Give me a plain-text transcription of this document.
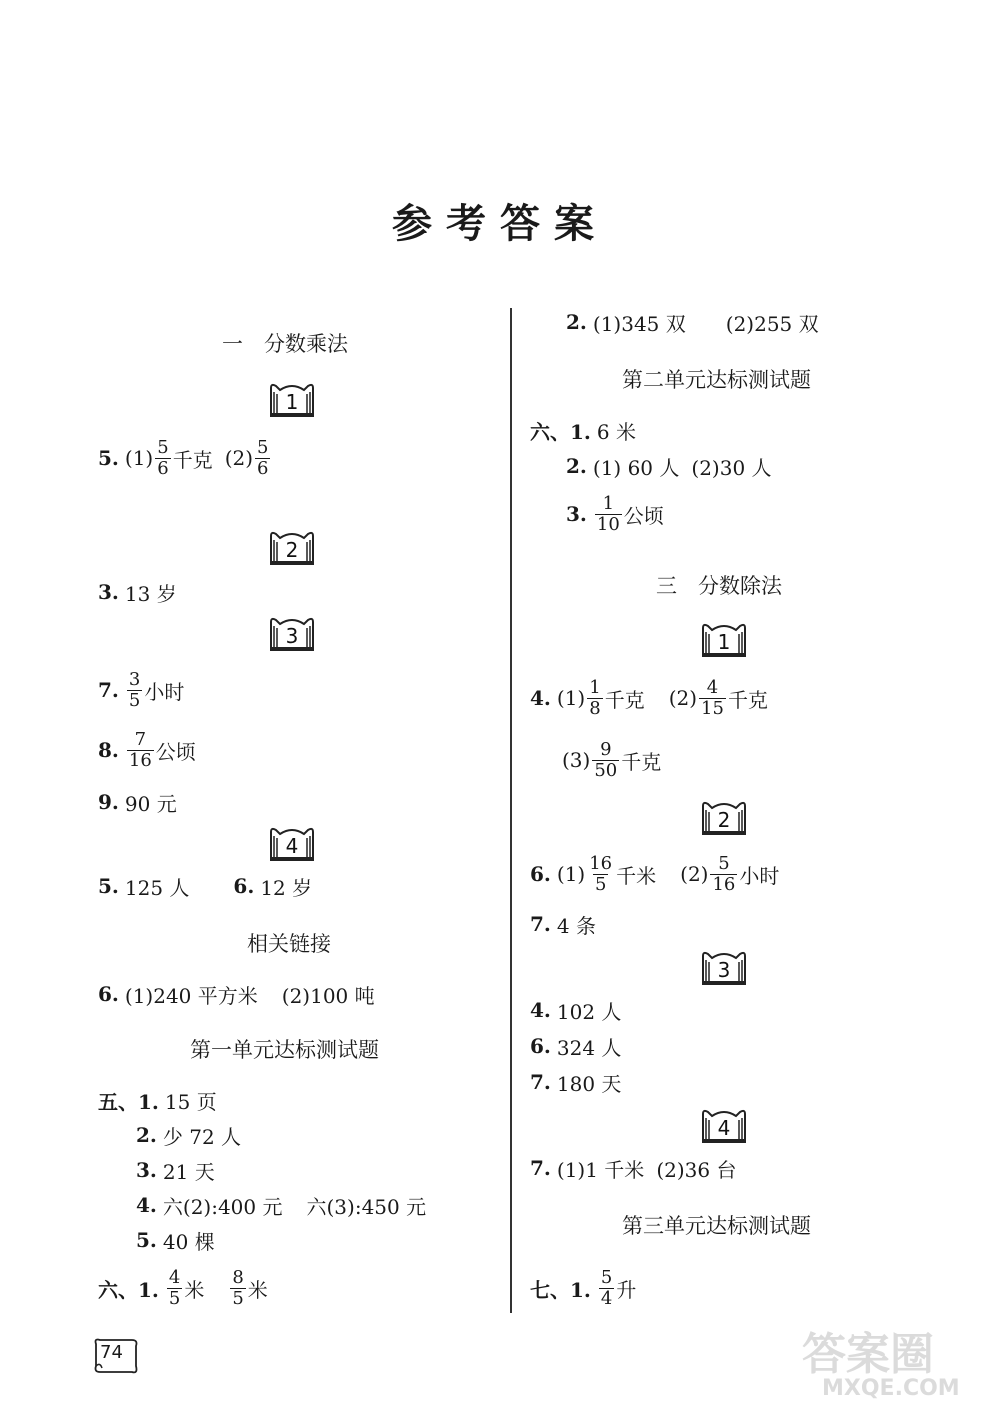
参考答案
一　分数乘法
1
5. $(1) \frac{5}{6}$ 千克 $(2) \frac{5}{6}$
2
3. 13 岁
3
7. $\frac{3}{5}$ 小时
8. $\frac{7}{16}$ 公顷
9. 90 元
4
5. 125 人 6. 12 岁
相关链接
6. (1)240 平方米 (2)100 吨
第一单元达标测试题
五、1. 15 页
2. 少 72 人
3. 21 天
4. 六(2):400 元 六(3):450 元
5. 40 棵
六、1. $\frac{4}{5}$ 米 $\frac{8}{5}$ 米
2. (1)345 双 (2)255 双
第二单元达标测试题
六、1. 6 米
2. (1) 60 人 (2)30 人
3. $\frac{1}{10}$ 公顷
三　分数除法
1
4. $(1) \frac{1}{8}$ 千克 $(2) \frac{4}{15}$ 千克
$(3) \frac{9}{50}$ 千克
2
6. $(1) \frac{16}{5}$ 千米 $(2) \frac{5}{16}$ 小时
7. 4 条
3
4. 102 人
6. 324 人
7. 180 天
4
7. (1)1 千米 (2)36 台
第三单元达标测试题
七、1. $\frac{5}{4}$ 升
74	答案圈
MXQE.COM
